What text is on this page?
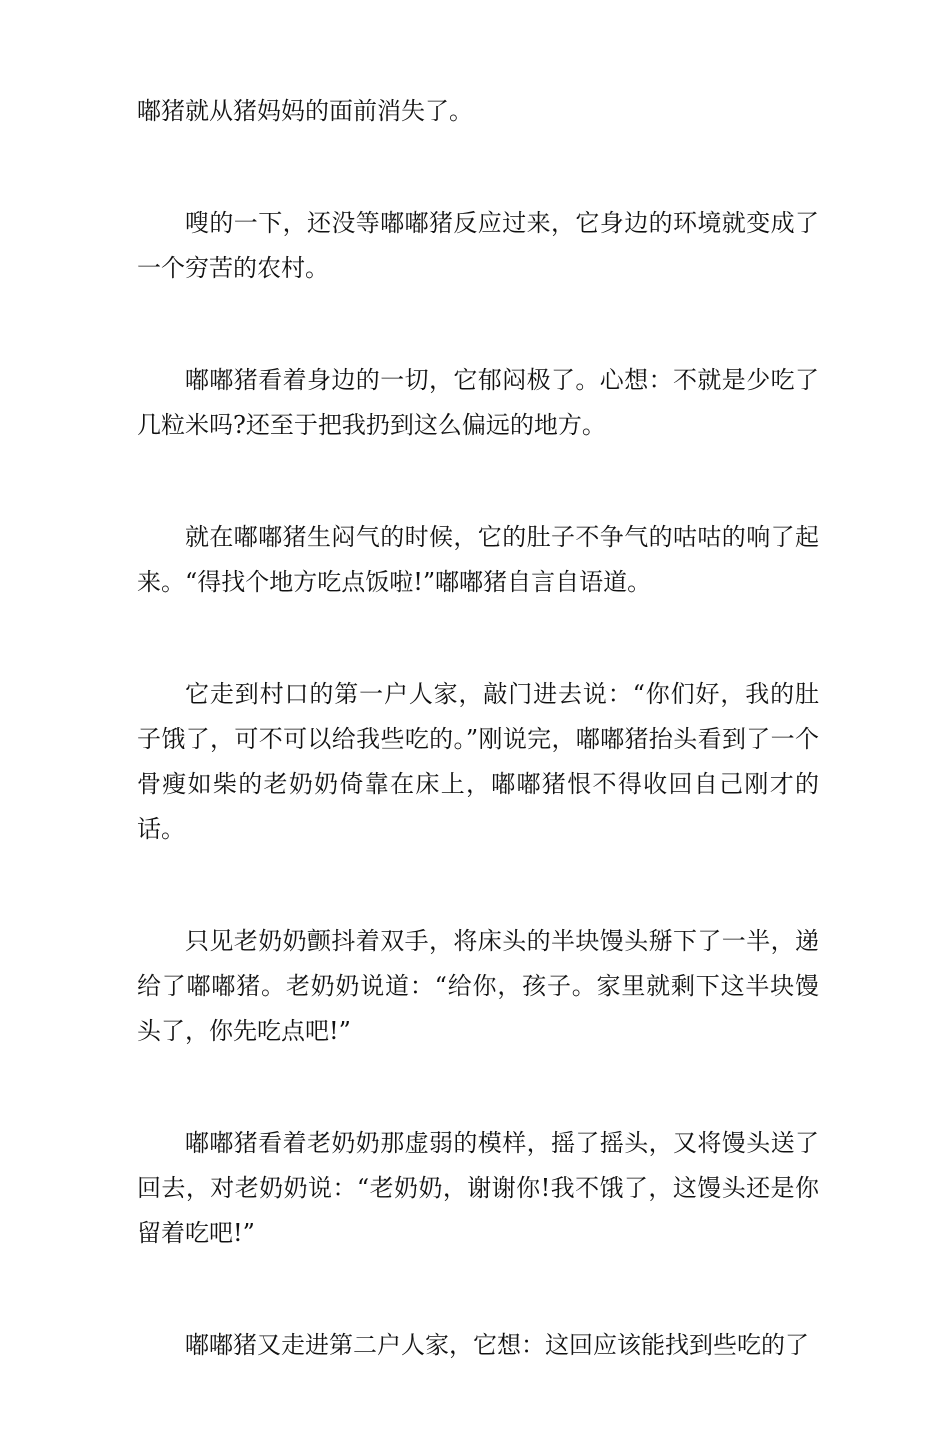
嘟猪就从猪妈妈的面前消失了。

嗖的一下，还没等嘟嘟猪反应过来，它身边的环境就变成了一个穷苦的农村。

嘟嘟猪看着身边的一切，它郁闷极了。心想：不就是少吃了几粒米吗?还至于把我扔到这么偏远的地方。

就在嘟嘟猪生闷气的时候，它的肚子不争气的咕咕的响了起来。“得找个地方吃点饭啦!”嘟嘟猪自言自语道。

它走到村口的第一户人家，敲门进去说：“你们好，我的肚子饿了，可不可以给我些吃的。”刚说完，嘟嘟猪抬头看到了一个骨瘦如柴的老奶奶倚靠在床上，嘟嘟猪恨不得收回自己刚才的话。

只见老奶奶颤抖着双手，将床头的半块馒头掰下了一半，递给了嘟嘟猪。老奶奶说道：“给你，孩子。家里就剩下这半块馒头了，你先吃点吧!”

嘟嘟猪看着老奶奶那虚弱的模样，摇了摇头，又将馒头送了回去，对老奶奶说：“老奶奶，谢谢你!我不饿了，这馒头还是你留着吃吧!”

嘟嘟猪又走进第二户人家，它想：这回应该能找到些吃的了
